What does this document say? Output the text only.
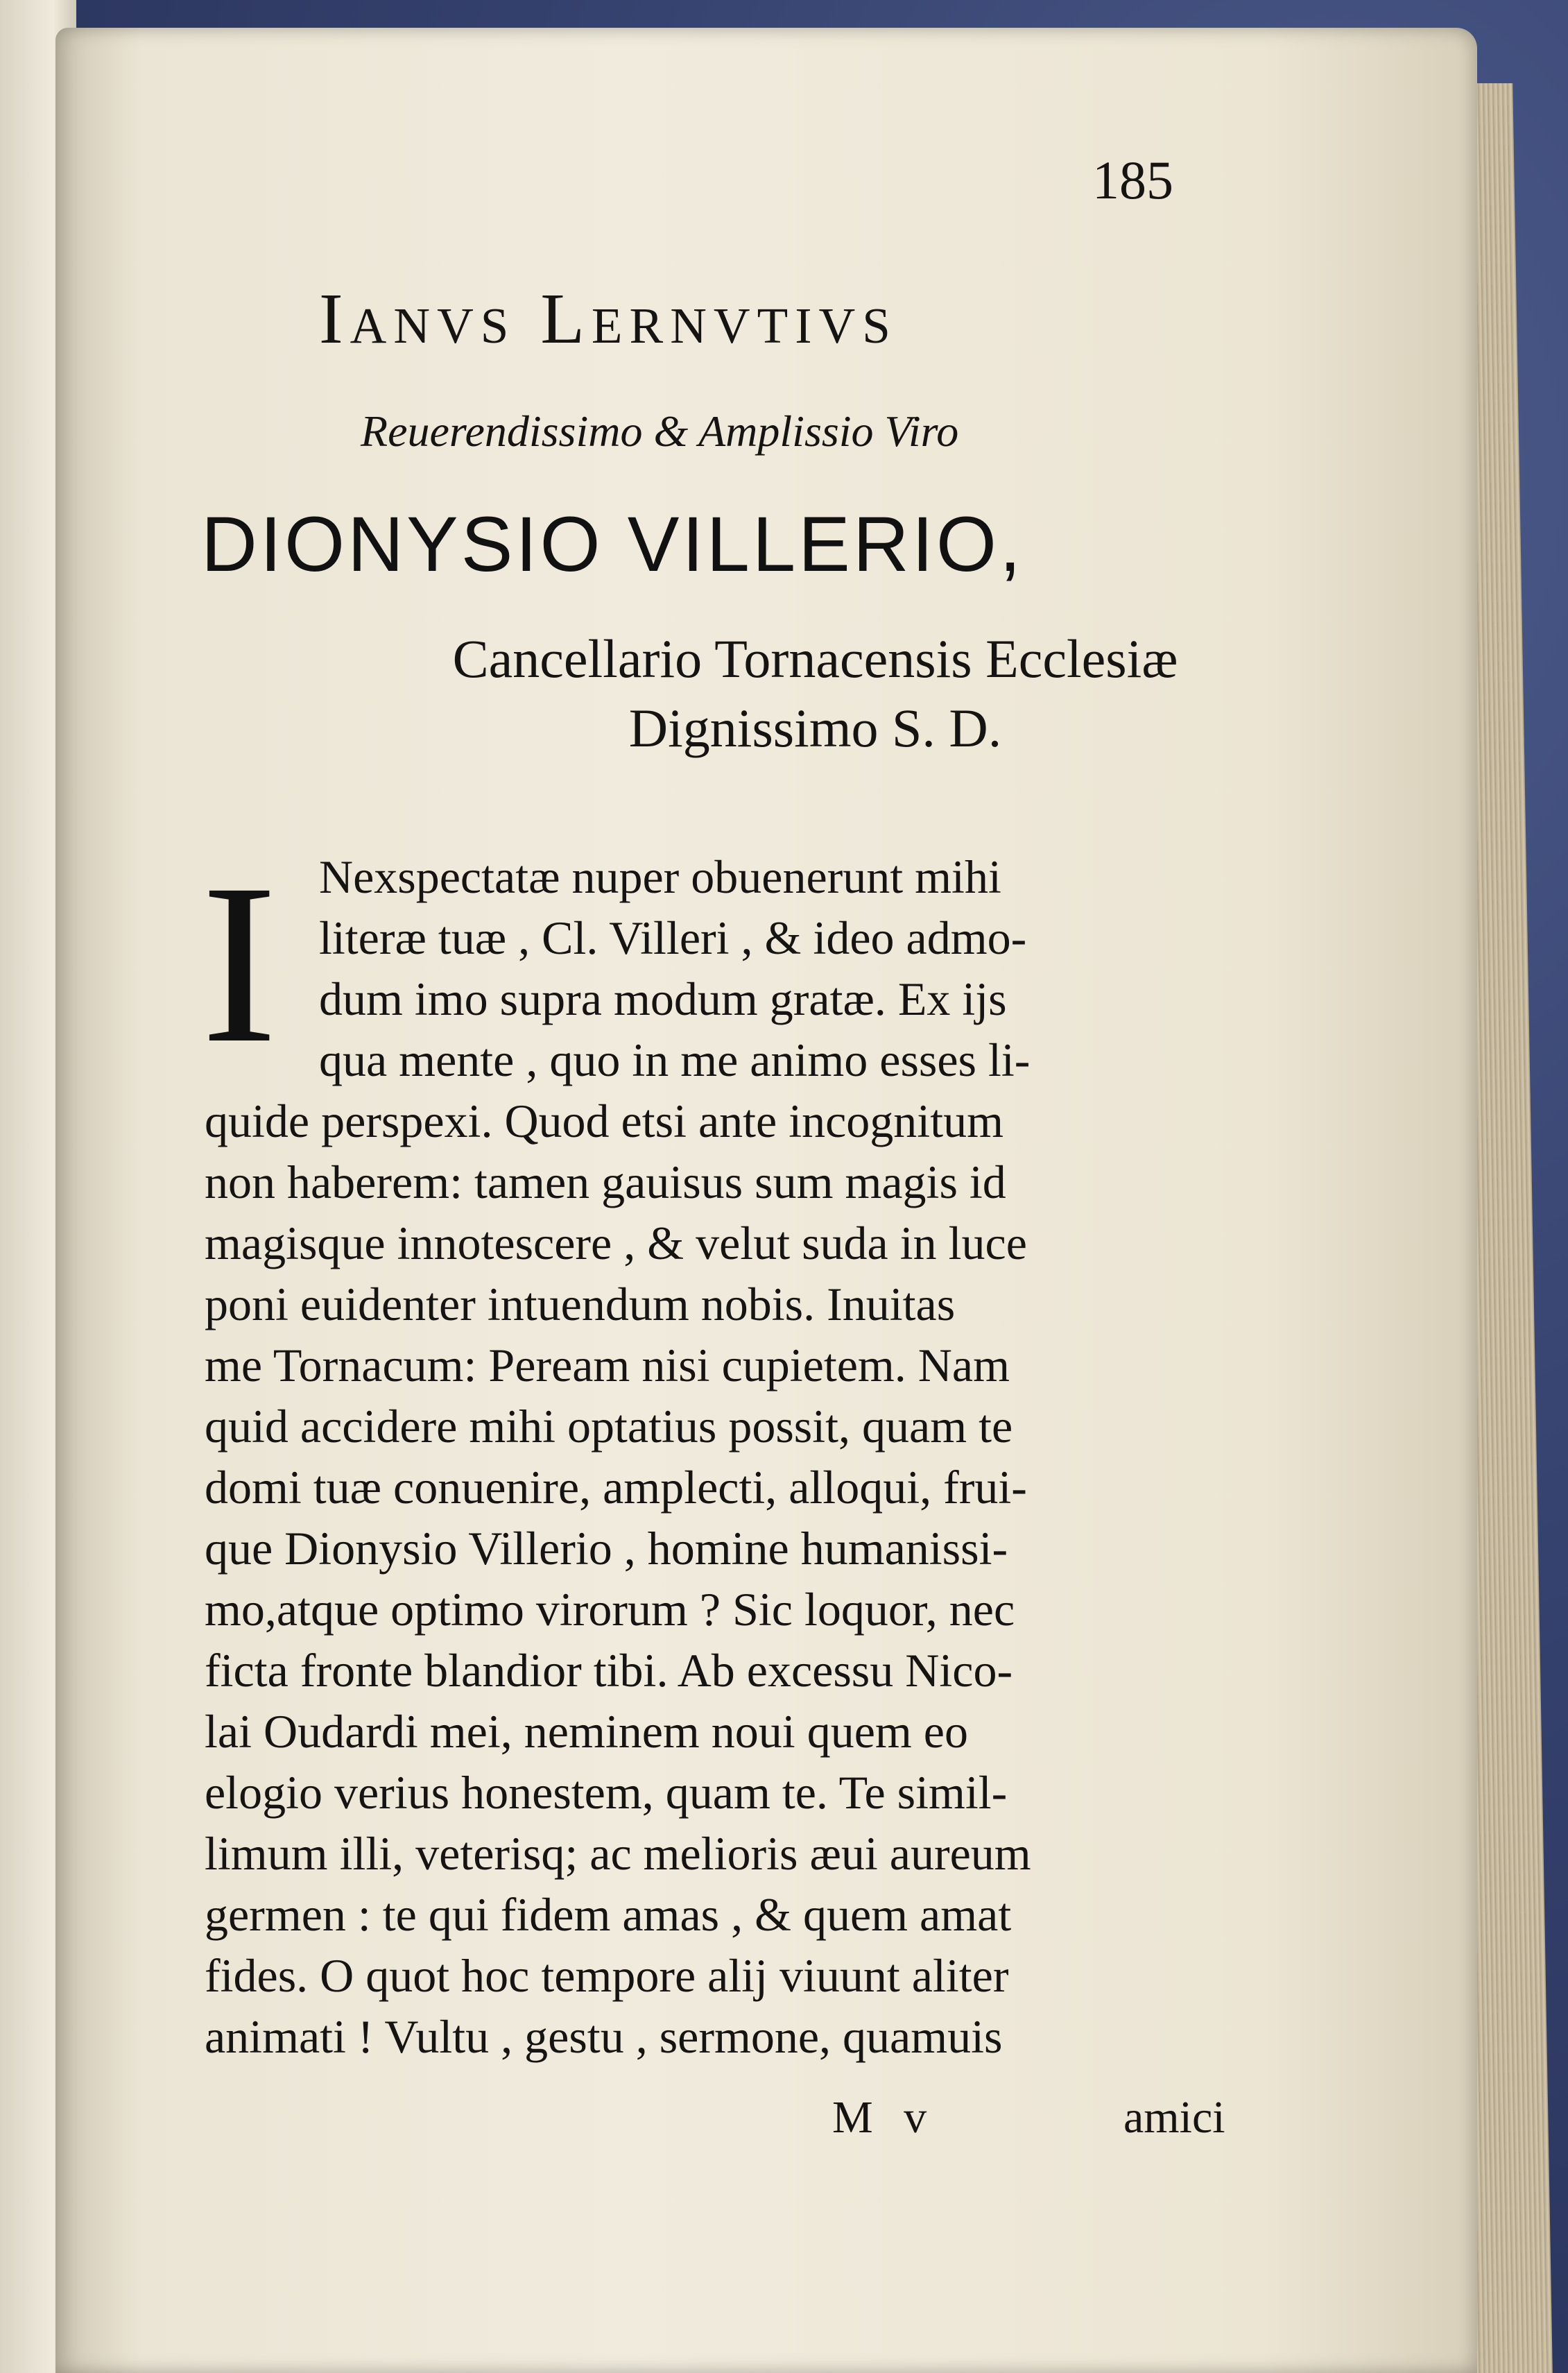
185
Ianvs Lernvtivs
Reuerendissimo & Amplissio Viro
DIONYSIO VILLERIO,
Cancellario Tornacensis Ecclesiæ
Dignissimo S. D.
I Nexspectatæ nuper obuenerunt mihi
literæ tuæ , Cl. Villeri , & ideo admo-
dum imo supra modum gratæ. Ex ijs
qua mente , quo in me animo esses li-
quide perspexi. Quod etsi ante incognitum
non haberem: tamen gauisus sum magis id
magisque innotescere , & velut suda in luce
poni euidenter intuendum nobis. Inuitas
me Tornacum: Peream nisi cupietem. Nam
quid accidere mihi optatius possit, quam te
domi tuæ conuenire, amplecti, alloqui, frui-
que Dionysio Villerio , homine humanissi-
mo,atque optimo virorum ? Sic loquor, nec
ficta fronte blandior tibi. Ab excessu Nico-
lai Oudardi mei, neminem noui quem eo
elogio verius honestem, quam te. Te simil-
limum illi, veterisq; ac melioris æui aureum
germen : te qui fidem amas , & quem amat
fides. O quot hoc tempore alij viuunt aliter
animati ! Vultu , gestu , sermone, quamuis
M v	amici
